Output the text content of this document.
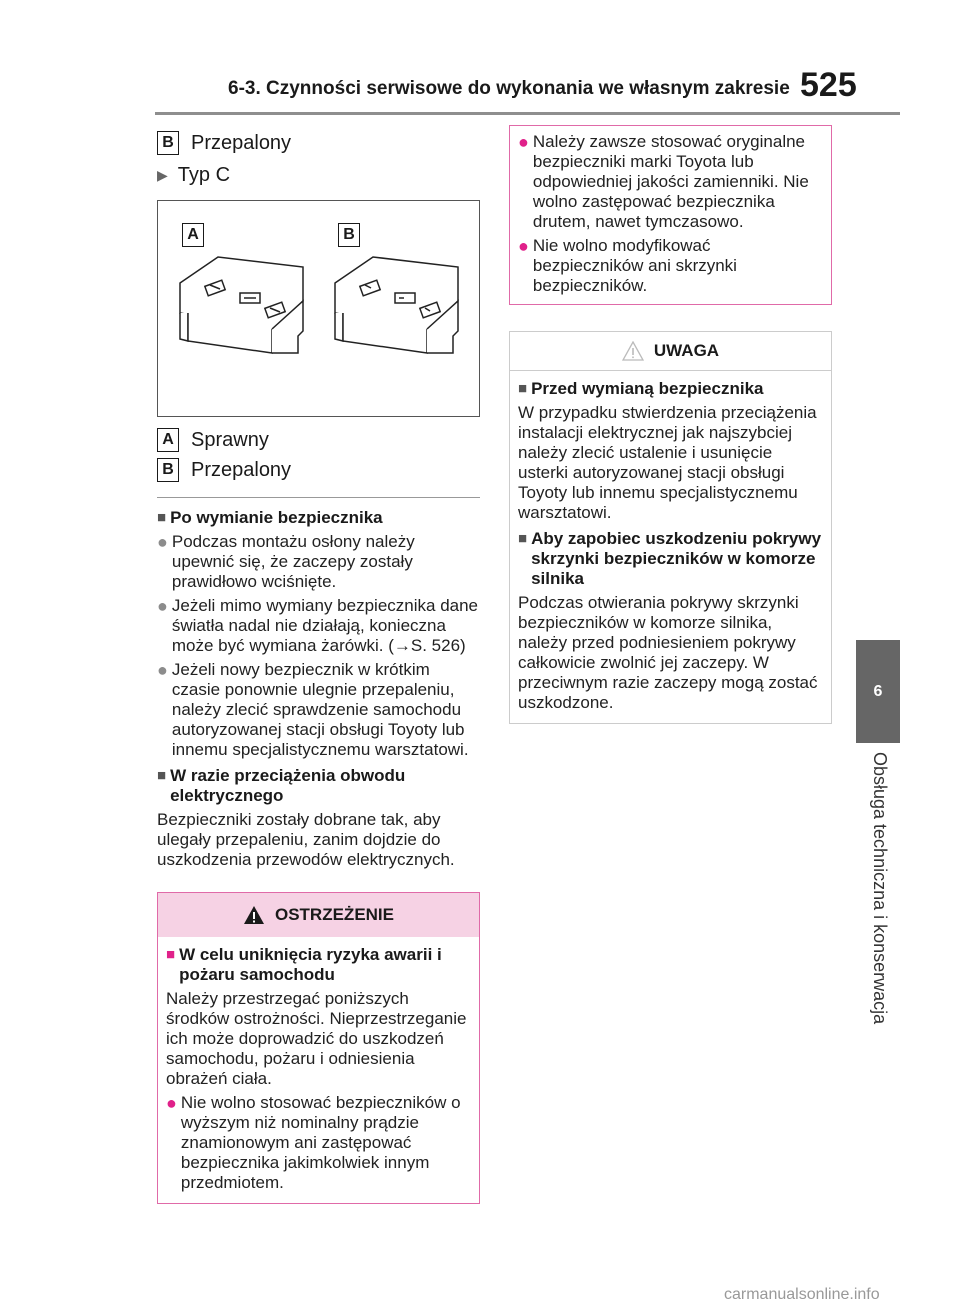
6-3. Czynności serwisowe do wykonania we własnym zakresie 525
6
Obsługa techniczna i konserwacja
B Przepalony
▶ Typ C
A	B
A Sprawny
B Przepalony
■ Po wymianie bezpiecznika
● Podczas montażu osłony należy upewnić się, że zaczepy zostały prawidłowo wciśnięte.
● Jeżeli mimo wymiany bezpiecznika dane światła nadal nie działają, konieczna może być wymiana żarówki. (→S. 526)
● Jeżeli nowy bezpiecznik w krótkim czasie ponownie ulegnie przepaleniu, należy zlecić sprawdzenie samochodu autoryzowanej stacji obsługi Toyoty lub innemu specjalistycznemu warsztatowi.
■ W razie przeciążenia obwodu elektrycznego
Bezpieczniki zostały dobrane tak, aby ulegały przepaleniu, zanim dojdzie do uszkodzenia przewodów elektrycznych.
OSTRZEŻENIE
■ W celu uniknięcia ryzyka awarii i pożaru samochodu
Należy przestrzegać poniższych środków ostrożności. Nieprzestrzeganie ich może doprowadzić do uszkodzeń samochodu, pożaru i odniesienia obrażeń ciała.
● Nie wolno stosować bezpieczników o wyższym niż nominalny prądzie znamionowym ani zastępować bezpiecznika jakimkolwiek innym przedmiotem.
● Należy zawsze stosować oryginalne bezpieczniki marki Toyota lub odpowiedniej jakości zamienniki. Nie wolno zastępować bezpiecznika drutem, nawet tymczasowo.
● Nie wolno modyfikować bezpieczników ani skrzynki bezpieczników.
UWAGA
■ Przed wymianą bezpiecznika
W przypadku stwierdzenia przeciążenia instalacji elektrycznej jak najszybciej należy zlecić ustalenie i usunięcie usterki autoryzowanej stacji obsługi Toyoty lub innemu specjalistycznemu warsztatowi.
■ Aby zapobiec uszkodzeniu pokrywy skrzynki bezpieczników w komorze silnika
Podczas otwierania pokrywy skrzynki bezpieczników w komorze silnika, należy przed podniesieniem pokrywy całkowicie zwolnić jej zaczepy. W przeciwnym razie zaczepy mogą zostać uszkodzone.
carmanualsonline.info
